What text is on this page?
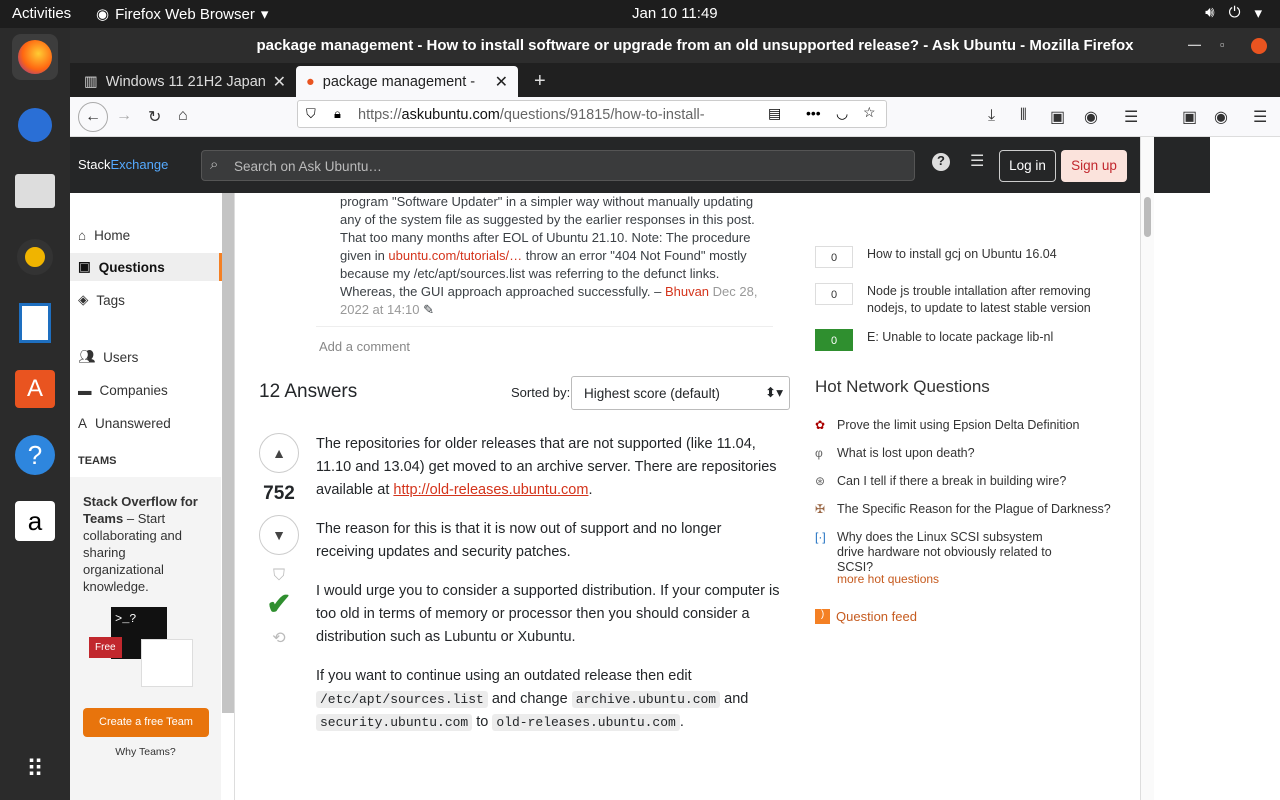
Activities ◉ Firefox Web Browser ▾	Jan 10 11:49	🔊︎ ⏻ ▾
A
?
a
⠿
package management - How to install software or upgrade from an old unsupported release? - Ask Ubuntu - Mozilla Firefox	— ▫
▥ Windows 11 21H2 Japan ✕ ● package management - ✕	+
← → ↻ ⌂	⛉ 🔒︎ https://askubuntu.com/questions/91815/how-to-install-	▤ ••• ◡ ☆	⤓ ⫴ ▣ ◉ ☰	▣ ◉ ☰
StackExchange	⌕ Search on Ask Ubuntu…	?	☰	Log in	Sign up
⌂ Home
▣ Questions
◈ Tags
👥︎ Users
▬ Companies
A Unanswered
TEAMS
Stack Overflow for Teams – Start collaborating and sharing organizational knowledge.
>_?
Free
Create a free Team
Why Teams?
program "Software Updater" in a simpler way without manually updating any of the system file as suggested by the earlier responses in this post. That too many months after EOL of Ubuntu 21.10. Note: The procedure given in ubuntu.com/tutorials/… throw an error "404 Not Found" mostly because my /etc/apt/sources.list was referring to the defunct links. Whereas, the GUI approach approached successfully. – Bhuvan Dec 28, 2022 at 14:10 ✎
Add a comment
12 Answers	Sorted by:	Highest score (default)	⬍▾
▲
752
▼
⛉
✔
⟲

The repositories for older releases that are not supported (like 11.04, 11.10 and 13.04) get moved to an archive server. There are repositories available at http://old-releases.ubuntu.com.

The reason for this is that it is now out of support and no longer receiving updates and security patches.

I would urge you to consider a supported distribution. If your computer is too old in terms of memory or processor then you should consider a distribution such as Lubuntu or Xubuntu.

If you want to continue using an outdated release then edit /etc/apt/sources.list and change archive.ubuntu.com and security.ubuntu.com to old-releases.ubuntu.com .

0	How to install gcj on Ubuntu 16.04
0	Node js trouble intallation after removing nodejs, to update to latest stable version
0	E: Unable to locate package lib-nl
Hot Network Questions
✿ Prove the limit using Epsion Delta Definition
φ	What is lost upon death?
⊛ Can I tell if there a break in building wire?
✠ The Specific Reason for the Plague of Darkness?
[·] Why does the Linux SCSI subsystem drive hardware not obviously related to SCSI?
more hot questions
) Question feed
